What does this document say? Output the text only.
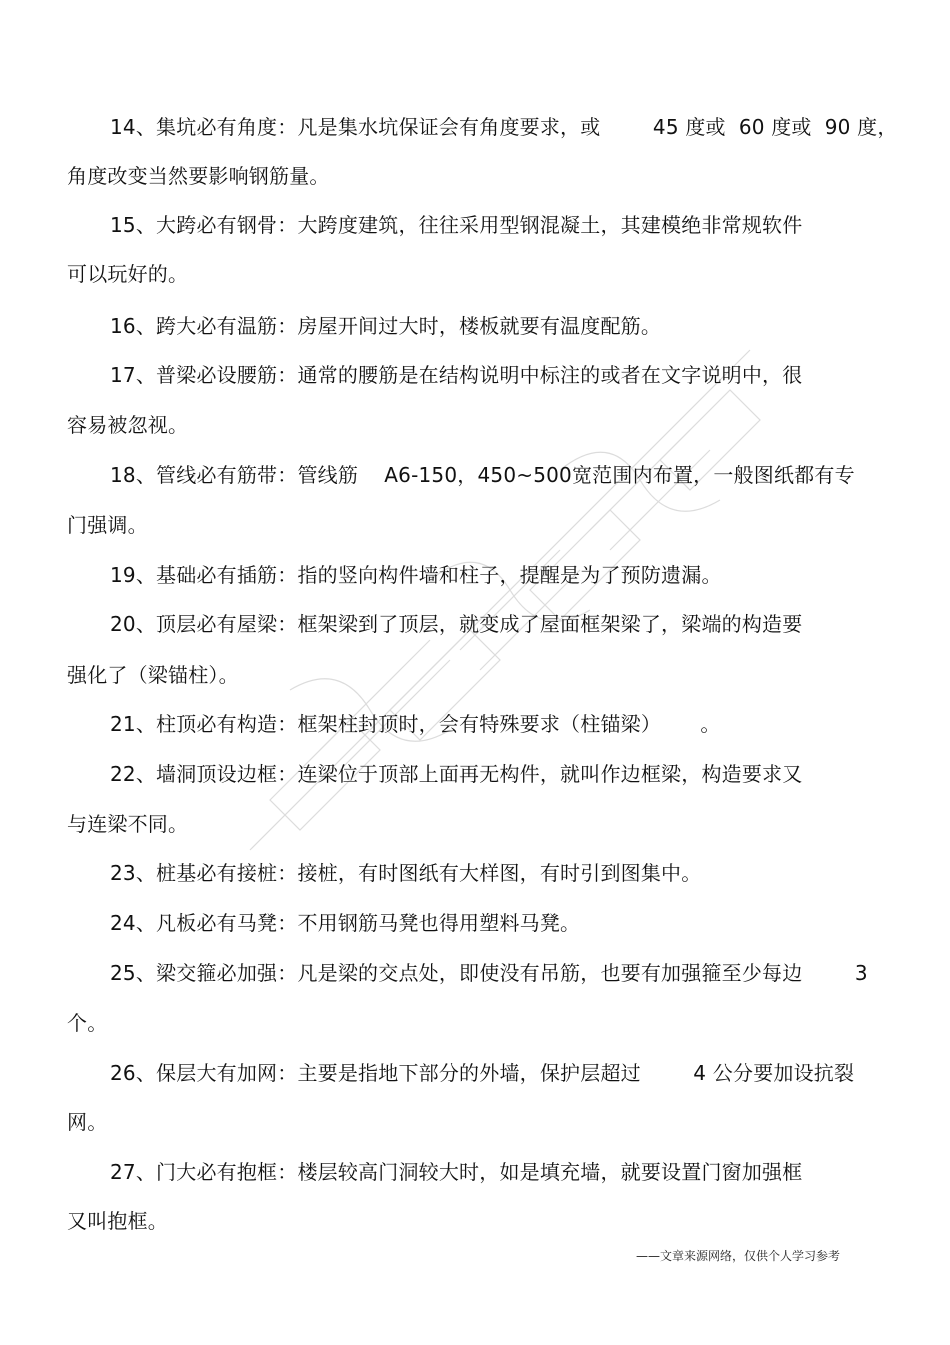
14、集坑必有角度：凡是集水坑保证会有角度要求，或        45 度或  60 度或  90 度，
角度改变当然要影响钢筋量。
15、大跨必有钢骨：大跨度建筑，往往采用型钢混凝土，其建模绝非常规软件
可以玩好的。
16、跨大必有温筋：房屋开间过大时，楼板就要有温度配筋。
17、普梁必设腰筋：通常的腰筋是在结构说明中标注的或者在文字说明中，很
容易被忽视。
18、管线必有筋带：管线筋    A6-150，450~500宽范围内布置，一般图纸都有专
门强调。
19、基础必有插筋：指的竖向构件墙和柱子，提醒是为了预防遗漏。
20、顶层必有屋梁：框架梁到了顶层，就变成了屋面框架梁了，梁端的构造要
强化了（梁锚柱）。
21、柱顶必有构造：框架柱封顶时，会有特殊要求（柱锚梁）      。
22、墙洞顶设边框：连梁位于顶部上面再无构件，就叫作边框梁，构造要求又
与连梁不同。
23、桩基必有接桩：接桩，有时图纸有大样图，有时引到图集中。
24、凡板必有马凳：不用钢筋马凳也得用塑料马凳。
25、梁交箍必加强：凡是梁的交点处，即使没有吊筋，也要有加强箍至少每边        3
个。
26、保层大有加网：主要是指地下部分的外墙，保护层超过        4 公分要加设抗裂
网。
27、门大必有抱框：楼层较高门洞较大时，如是填充墙，就要设置门窗加强框
又叫抱框。
——文章来源网络，仅供个人学习参考
